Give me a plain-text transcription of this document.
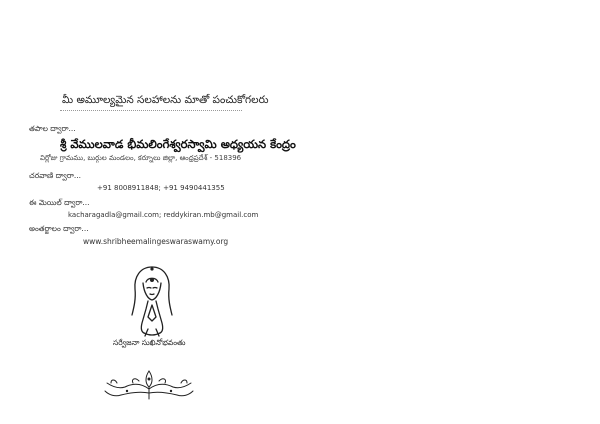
మీ అమూల్యమైన సలహాలను మాతో పంచుకోగలరు
తపాల ద్వారా...
శ్రీ వేములవాడ భీమలింగేశ్వరస్వామి అధ్యయన కేంద్రం
విర్లోజు గ్రామము, బుర్గుల మండలం, కర్నూలు జిల్లా, ఆంధ్రప్రదేశ్ - 518396
చరవాణి ద్వారా...
+91 8008911848; +91 9490441355
ఈ మెయిల్ ద్వారా...
kacharagadla@gmail.com; reddykiran.mb@gmail.com
అంతర్జాలం ద్వారా...
www.shribheemalingeswaraswamy.org
సర్వేజనా సుఖినోభవంతు
